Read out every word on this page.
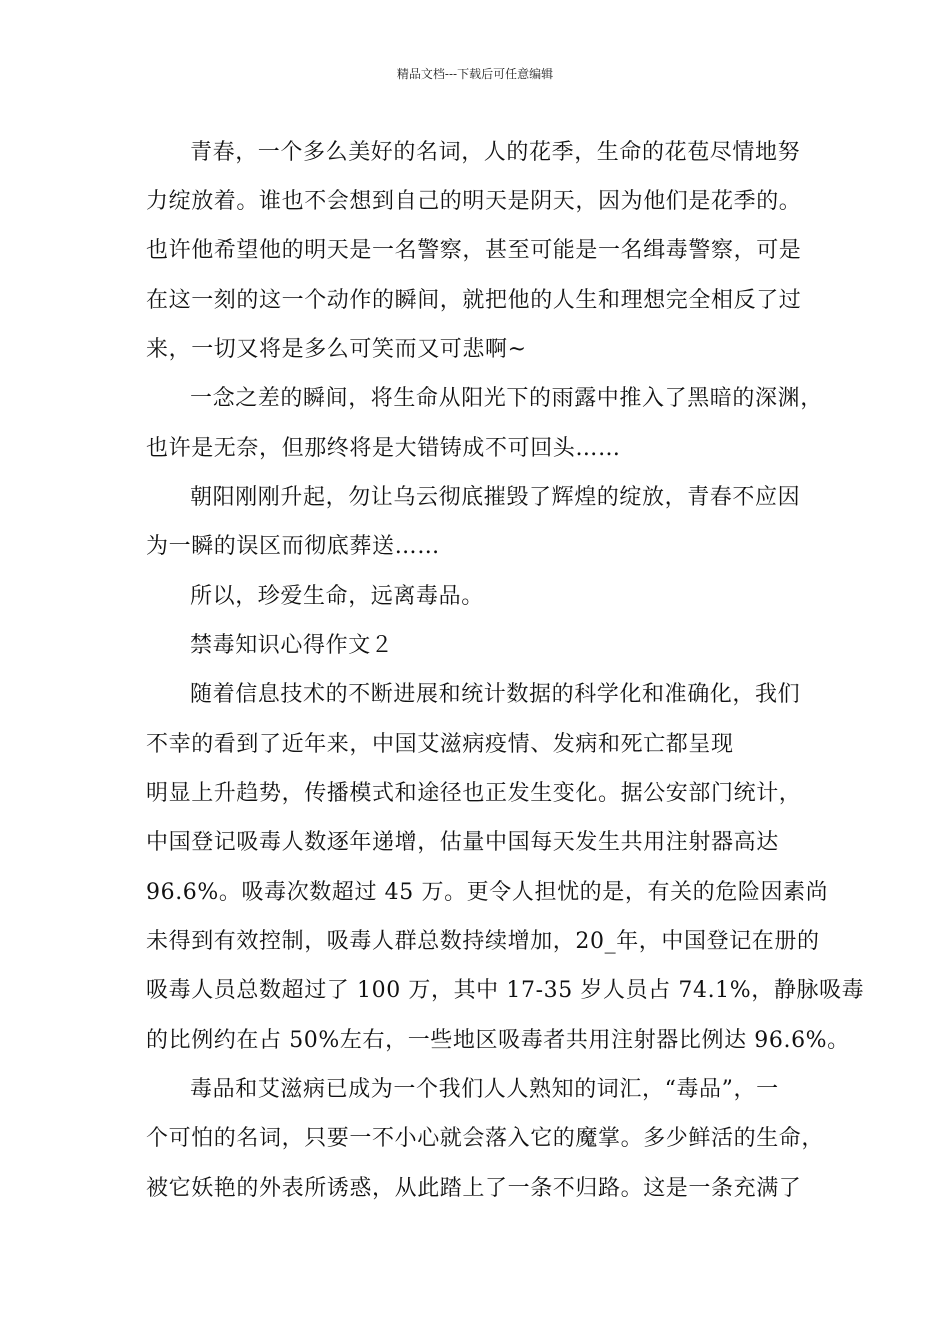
精品文档---下载后可任意编辑
青春，一个多么美好的名词，人的花季，生命的花苞尽情地努
力绽放着。谁也不会想到自己的明天是阴天，因为他们是花季的。
也许他希望他的明天是一名警察，甚至可能是一名缉毒警察，可是
在这一刻的这一个动作的瞬间，就把他的人生和理想完全相反了过
来，一切又将是多么可笑而又可悲啊~
一念之差的瞬间，将生命从阳光下的雨露中推入了黑暗的深渊，
也许是无奈，但那终将是大错铸成不可回头……
朝阳刚刚升起，勿让乌云彻底摧毁了辉煌的绽放，青春不应因
为一瞬的误区而彻底葬送……
所以，珍爱生命，远离毒品。
禁毒知识心得作文２
随着信息技术的不断进展和统计数据的科学化和准确化，我们
不幸的看到了近年来，中国艾滋病疫情、发病和死亡都呈现
明显上升趋势，传播模式和途径也正发生变化。据公安部门统计，
中国登记吸毒人数逐年递增，估量中国每天发生共用注射器高达
96.6%。吸毒次数超过 45 万。更令人担忧的是，有关的危险因素尚
未得到有效控制，吸毒人群总数持续增加，20_年，中国登记在册的
吸毒人员总数超过了 100 万，其中 17-35 岁人员占 74.1%，静脉吸毒
的比例约在占 50%左右，一些地区吸毒者共用注射器比例达 96.6%。
毒品和艾滋病已成为一个我们人人熟知的词汇，“毒品”，一
个可怕的名词，只要一不小心就会落入它的魔掌。多少鲜活的生命，
被它妖艳的外表所诱惑，从此踏上了一条不归路。这是一条充满了
